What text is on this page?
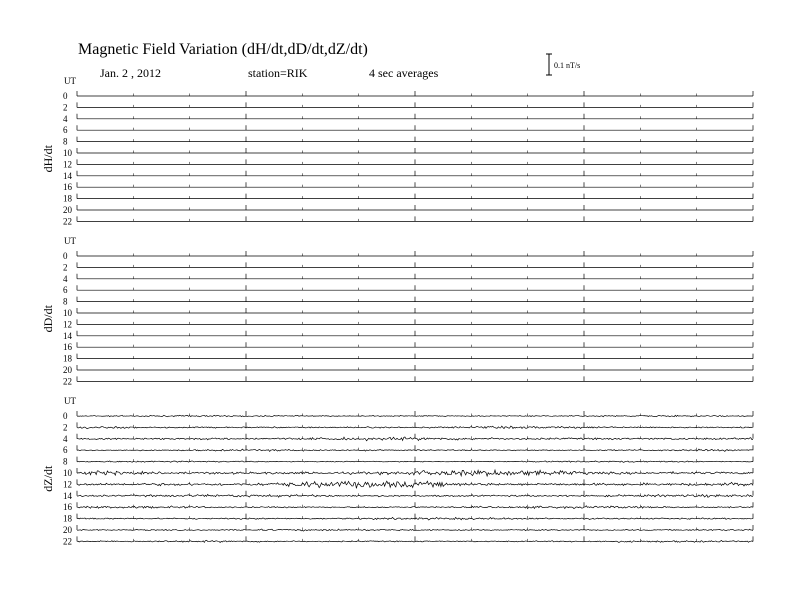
Magnetic Field Variation (dH/dt,dD/dt,dZ/dt)
Jan. 2 , 2012	station=RIK	4 sec averages
0.1 nT/s
UT
dH/dt
0
2
4
6
8
10
12
14
16
18
20
22
UT
dD/dt
0
2
4
6
8
10
12
14
16
18
20
22
UT
dZ/dt
0
2
4
6
8
10
12
14
16
18
20
22
